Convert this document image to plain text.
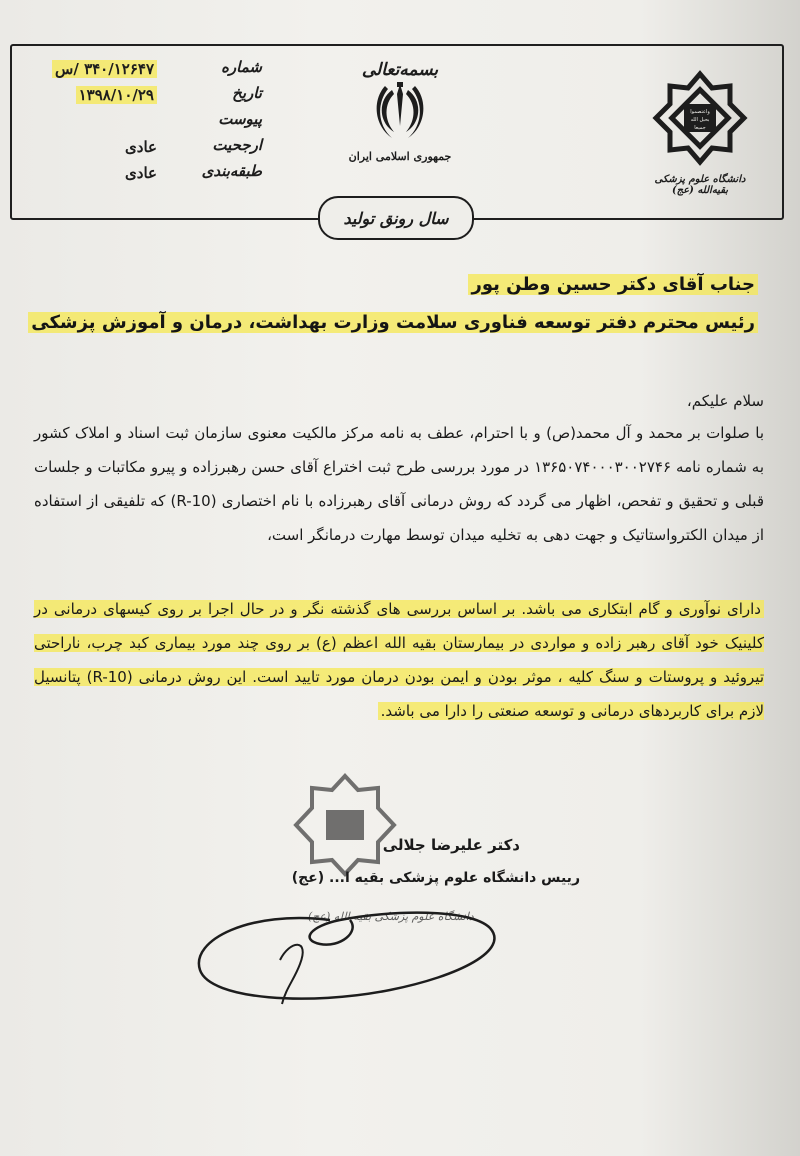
شماره
۳۴۰/۱۲۶۴۷ /س
تاریخ
۱۳۹۸/۱۰/۲۹
پیوست
ارجحیت
عادی
طبقه‌بندی
عادی
بسمه‌تعالی
جمهوری اسلامی ایران
سال رونق تولید
واعتصموا
بحبل الله
جمیعا
دانشگاه علوم پزشکی بقیه‌الله (عج)
جناب آقای دکتر حسین وطن پور
رئیس محترم دفتر توسعه فناوری سلامت وزارت بهداشت، درمان و آموزش پزشکی
سلام علیکم،
با صلوات بر محمد و آل محمد(ص) و با احترام، عطف به نامه مرکز مالکیت معنوی سازمان ثبت اسناد و املاک کشور به شماره نامه ۱۳۶۵۰۷۴۰۰۰۳۰۰۲۷۴۶ در مورد بررسی طرح ثبت اختراع آقای حسن رهبرزاده و پیرو مکاتبات و جلسات قبلی و تحقیق و تفحص، اظهار می گردد که روش درمانی آقای رهبرزاده با نام اختصاری (R-10) که تلفیقی از استفاده از میدان الکترواستاتیک و جهت دهی به تخلیه میدان توسط مهارت درمانگر است،
دارای نوآوری و گام ابتکاری می باشد. بر اساس بررسی های گذشته نگر و در حال اجرا بر روی کیسهای درمانی در کلینیک خود آقای رهبر زاده و مواردی در بیمارستان بقیه الله اعظم (ع) بر روی چند مورد بیماری کبد چرب، ناراحتی تیروئید و پروستات و سنگ کلیه ، موثر بودن و ایمن بودن درمان مورد تایید است. این روش درمانی (R-10) پتانسیل لازم برای کاربردهای درمانی و توسعه صنعتی را دارا می باشد.
دکتر علیرضا جلالی
رییس دانشگاه علوم پزشکی بقیه ا... (عج)
دانشگاه علوم پزشکی بقیه الله (عج)
